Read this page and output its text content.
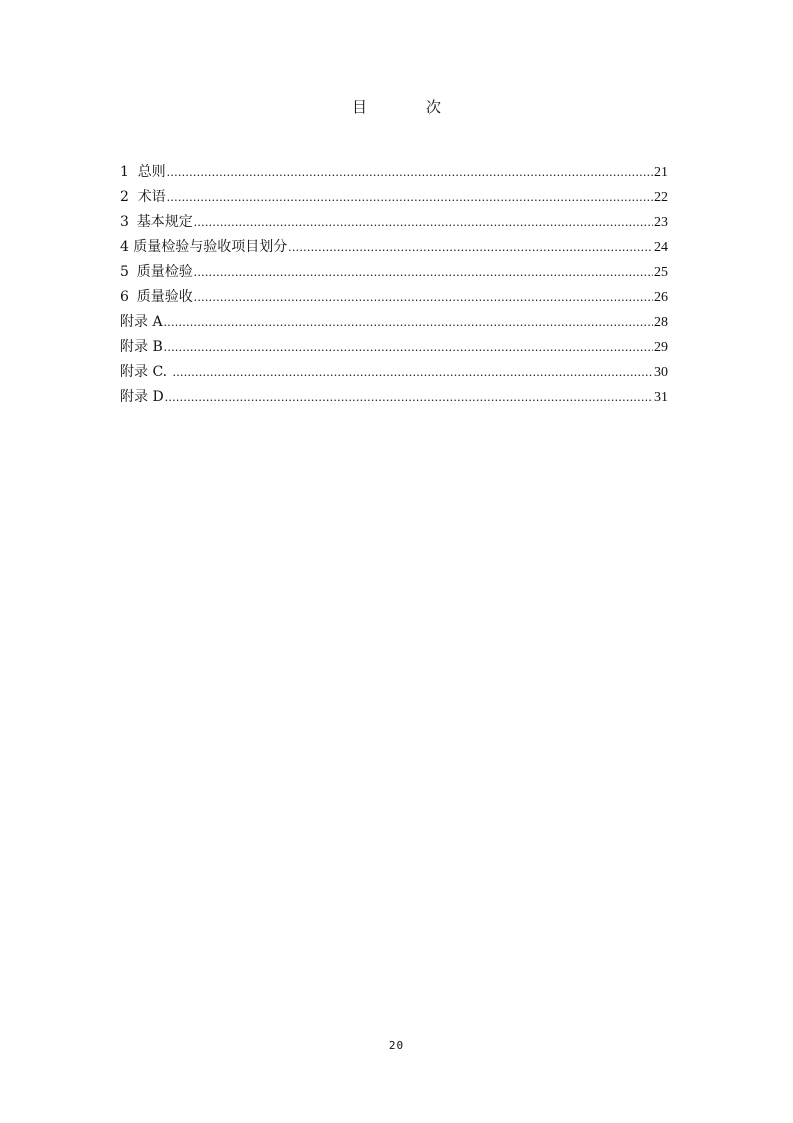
目　次
1 总则 .....	21
2 术语 .....	22
3 基本规定 .....	23
4 质量检验与验收项目划分 .....	24
5 质量检验 .....	25
6 质量验收 .....	26
附录 A .....	28
附录 B .....	29
附录 C. .....	30
附录 D .....	31
20
